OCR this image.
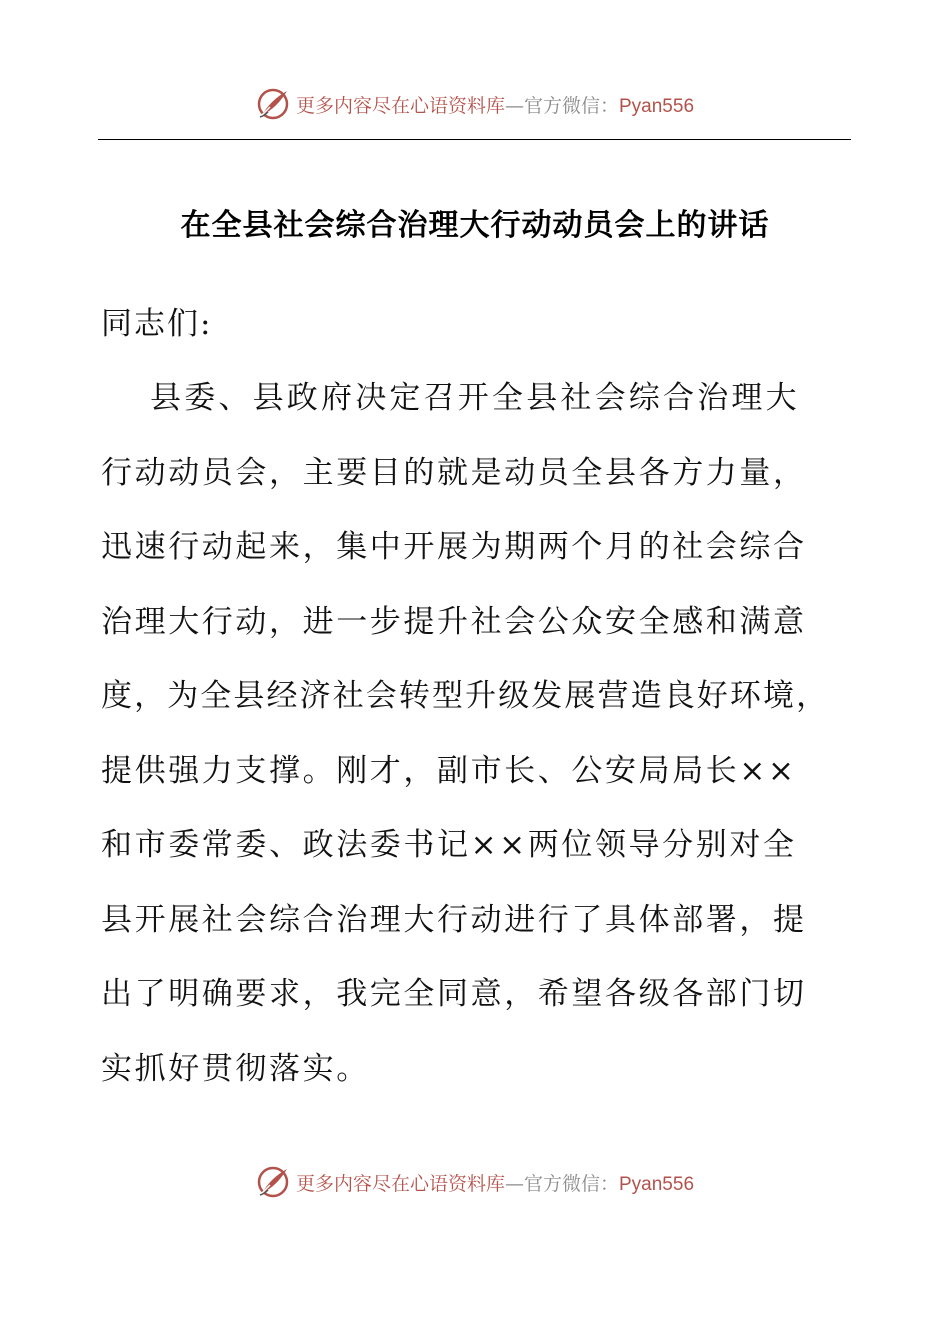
更多内容尽在心语资料库—官方微信：Pyan556
在全县社会综合治理大行动动员会上的讲话
同志们:
县委、县政府决定召开全县社会综合治理大
行动动员会，主要目的就是动员全县各方力量，
迅速行动起来，集中开展为期两个月的社会综合
治理大行动，进一步提升社会公众安全感和满意
度，为全县经济社会转型升级发展营造良好环境，
提供强力支撑。刚才，副市长、公安局局长××
和市委常委、政法委书记××两位领导分别对全
县开展社会综合治理大行动进行了具体部署，提
出了明确要求，我完全同意，希望各级各部门切
实抓好贯彻落实。
更多内容尽在心语资料库—官方微信：Pyan556
